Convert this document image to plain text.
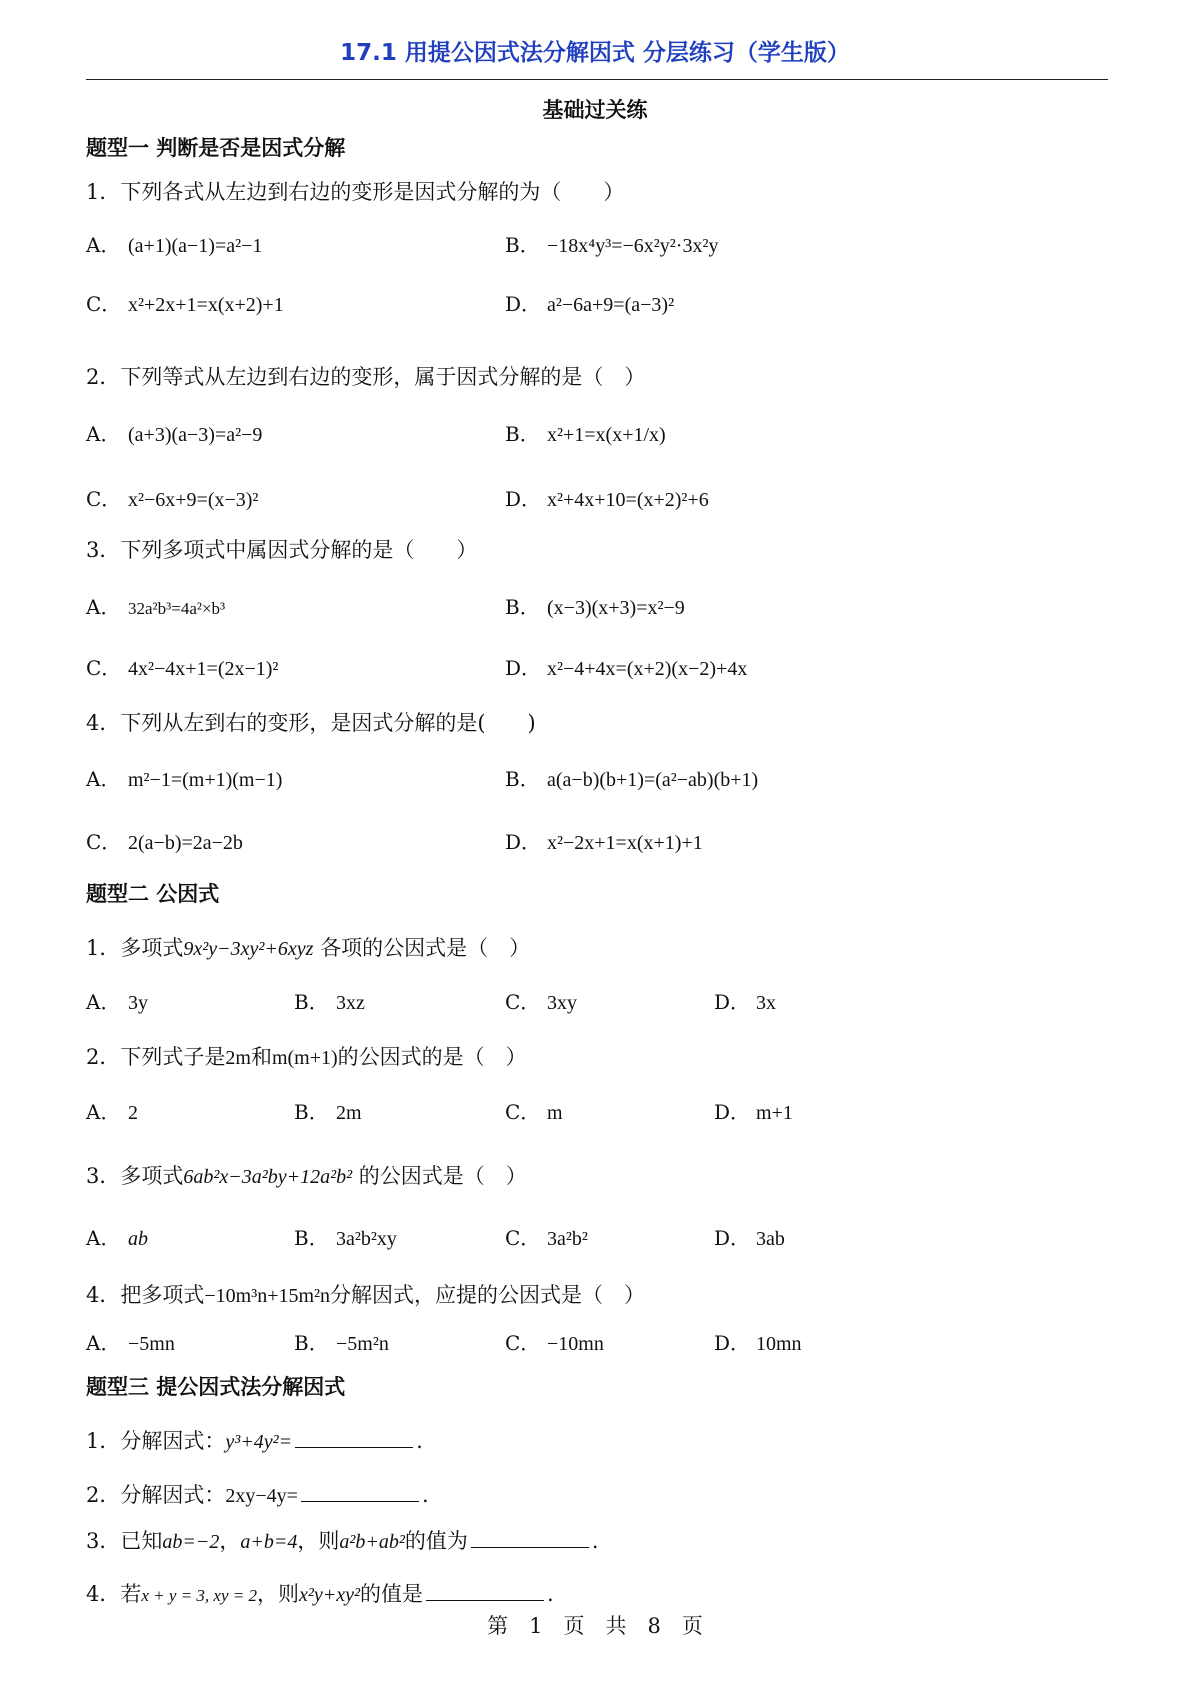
17.1 用提公因式法分解因式 分层练习（学生版）
基础过关练
题型一 判断是否是因式分解
1．下列各式从左边到右边的变形是因式分解的为（　　）
A． (a+1)(a−1)=a²−1	B． −18x⁴y³=−6x²y²·3x²y
C． x²+2x+1=x(x+2)+1	D． a²−6a+9=(a−3)²
2．下列等式从左边到右边的变形，属于因式分解的是（　）
A． (a+3)(a−3)=a²−9	B． x²+1=x(x+1/x)
C． x²−6x+9=(x−3)²	D． x²+4x+10=(x+2)²+6
3．下列多项式中属因式分解的是（　　）
A． 32a²b³=4a²×b³	B． (x−3)(x+3)=x²−9
C． 4x²−4x+1=(2x−1)²	D． x²−4+4x=(x+2)(x−2)+4x
4．下列从左到右的变形，是因式分解的是(　　)
A． m²−1=(m+1)(m−1)	B． a(a−b)(b+1)=(a²−ab)(b+1)
C． 2(a−b)=2a−2b	D． x²−2x+1=x(x+1)+1
题型二 公因式
1．多项式9x²y−3xy²+6xyz 各项的公因式是（　）
A． 3y	B． 3xz	C． 3xy	D． 3x
2．下列式子是2m和m(m+1)的公因式的是（　）
A． 2	B． 2m	C． m	D． m+1
3．多项式6ab²x−3a²by+12a²b² 的公因式是（　）
A． ab	B． 3a²b²xy	C． 3a²b²	D． 3ab
4．把多项式−10m³n+15m²n分解因式，应提的公因式是（　）
A． −5mn	B． −5m²n	C． −10mn	D． 10mn
题型三 提公因式法分解因式
1．分解因式：y³+4y²=	.
2．分解因式：2xy−4y=	.
3．已知ab=−2，a+b=4，则a²b+ab²的值为	.
4．若x + y = 3, xy = 2，则x²y+xy²的值是	.
第　1　页　共　8　页
